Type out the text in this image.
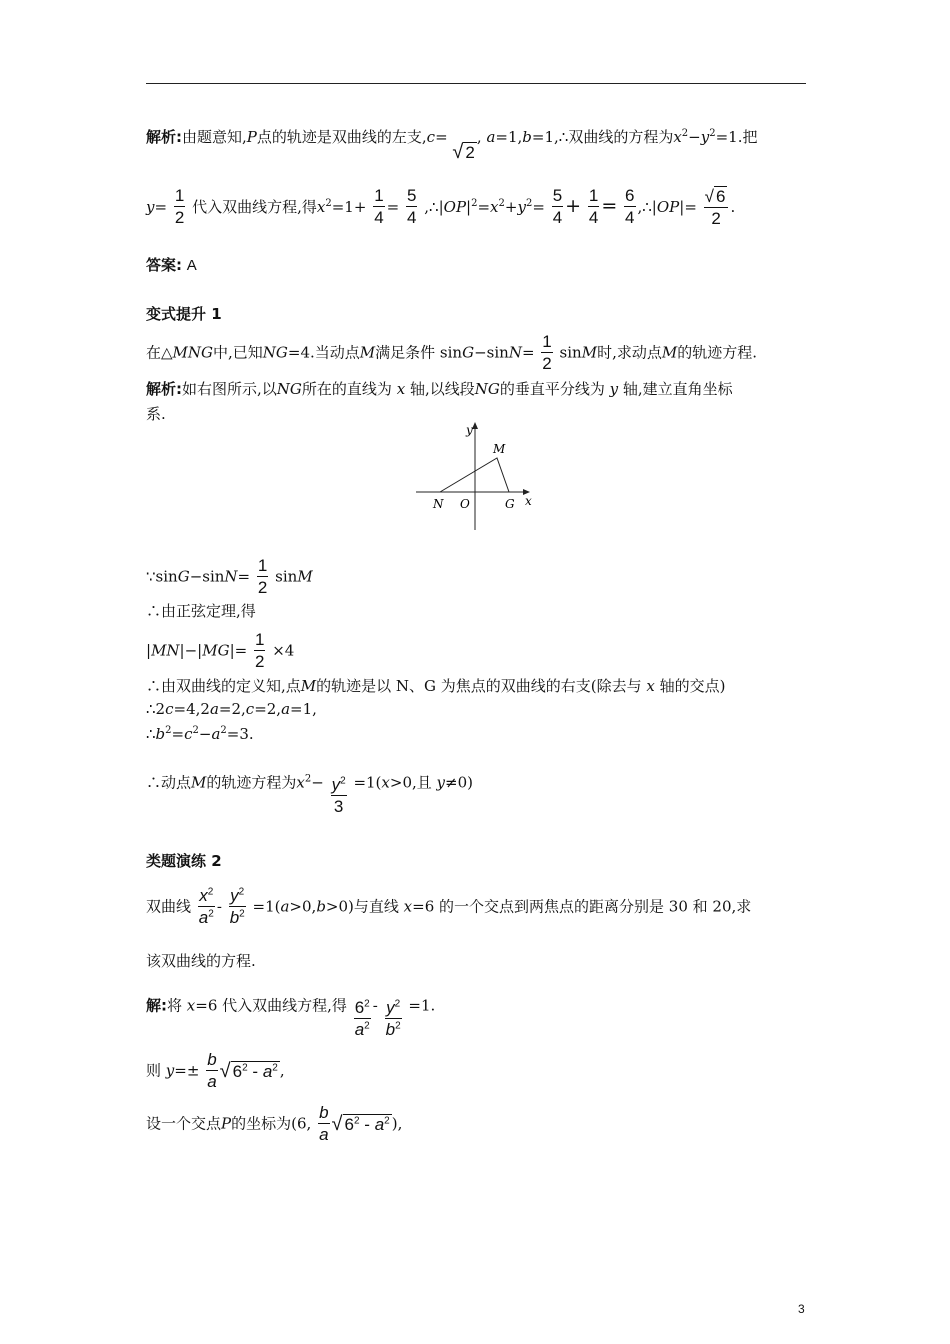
解析:由题意知,P点的轨迹是双曲线的左支,c= √ 2, a=1,b=1,∴双曲线的方程为$x^2-y^2=1$.把
$y= \frac{1}{2}$ 代入双曲线方程,得$x^2=1+ \frac{1}{4} = \frac{5}{4}$ $,\therefore|OP|^2=x^2+y^2= \frac{5}{4} + \frac{1}{4} = \frac{6}{4}$ ,∴|OP|= $\frac{√ 6}{2}$ .
答案: A
变式提升 1
在△MNG中,已知NG=4.当动点M满足条件 $\sin G-\sin N= \frac{1}{2}$ sinM时,求动点M的轨迹方程.
解析:如右图所示,以NG所在的直线为 x 轴,以线段NG的垂直平分线为 y 轴,建立直角坐标
系.
y
x
M
N O	G
∵sinG−sinN= $\frac{1}{2}$ sinM
∴由正弦定理,得
$|MN|-|MG|= \frac{1}{2} \times 4$
∴由双曲线的定义知,点M的轨迹是以 N、G 为焦点的双曲线的右支(除去与 x 轴的交点)
∴2c=4,2a=2,c=2,a=1,
$\therefore b^2=c^2-a^2=3$.
∴动点M的轨迹方程为$x^2- \frac{y^2}{3} =1(x>0$,且 y≠0)
类题演练 2
双曲线 $\frac{x^2}{a^2} - \frac{y^2}{b^2} =1(a>0,b>0)$与直线 x=6 的一个交点到两焦点的距离分别是 30 和 20,求
该双曲线的方程.
解:将 x=6 代入双曲线方程,得 $\frac{6^2}{a^2} - \frac{y^2}{b^2} =1$.
则 $y=\pm \frac{b}{a}$ √ $6^2 - a^2$ ,
设一个交点P的坐标为(6, $\frac{b}{a}$ √ $6^2 - a^2$ ),
3
